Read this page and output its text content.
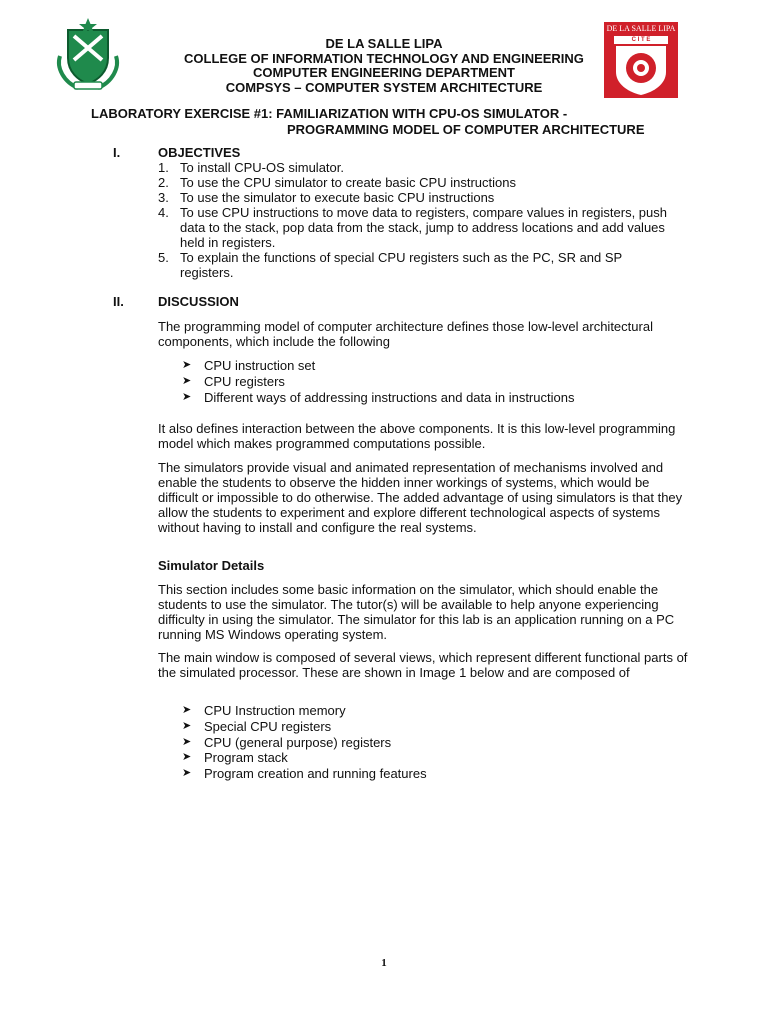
DE LA SALLE LIPA
COLLEGE OF INFORMATION TECHNOLOGY AND ENGINEERING
COMPUTER ENGINEERING DEPARTMENT
COMPSYS – COMPUTER SYSTEM ARCHITECTURE
DE LA SALLE LIPA
C I T E
LABORATORY EXERCISE #1: FAMILIARIZATION WITH CPU-OS SIMULATOR -
PROGRAMMING MODEL OF COMPUTER ARCHITECTURE
I.	OBJECTIVES
1. To install CPU-OS simulator.
2. To use the CPU simulator to create basic CPU instructions
3. To use the simulator to execute basic CPU instructions
4. To use CPU instructions to move data to registers, compare values in registers, push data to the stack, pop data from the stack, jump to address locations and add values held in registers.
5. To explain the functions of special CPU registers such as the PC, SR and SP registers.
II.	DISCUSSION
The programming model of computer architecture defines those low-level architectural components, which include the following
➤ CPU instruction set
➤ CPU registers
➤ Different ways of addressing instructions and data in instructions
It also defines interaction between the above components. It is this low-level programming model which makes programmed computations possible.
The simulators provide visual and animated representation of mechanisms involved and enable the students to observe the hidden inner workings of systems, which would be difficult or impossible to do otherwise. The added advantage of using simulators is that they allow the students to experiment and explore different technological aspects of systems without having to install and configure the real systems.
Simulator Details
This section includes some basic information on the simulator, which should enable the students to use the simulator. The tutor(s) will be available to help anyone experiencing difficulty in using the simulator. The simulator for this lab is an application running on a PC running MS Windows operating system.
The main window is composed of several views, which represent different functional parts of the simulated processor. These are shown in Image 1 below and are composed of
➤ CPU Instruction memory
➤ Special CPU registers
➤ CPU (general purpose) registers
➤ Program stack
➤ Program creation and running features
1
